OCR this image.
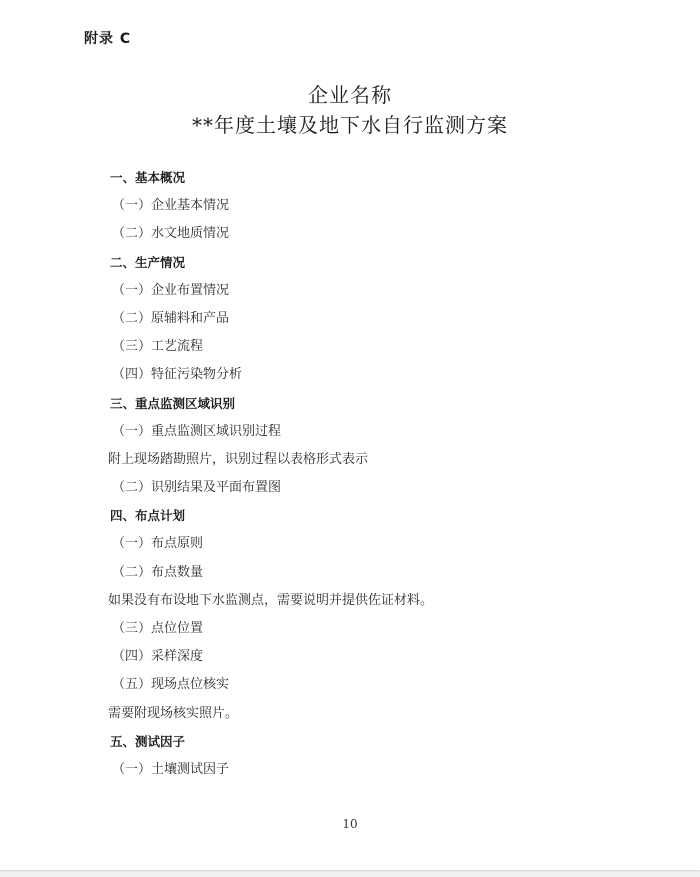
附录 C
企业名称
**年度土壤及地下水自行监测方案
一、基本概况
（一）企业基本情况
（二）水文地质情况
二、生产情况
（一）企业布置情况
（二）原辅料和产品
（三）工艺流程
（四）特征污染物分析
三、重点监测区域识别
（一）重点监测区域识别过程
附上现场踏勘照片，识别过程以表格形式表示
（二）识别结果及平面布置图
四、布点计划
（一）布点原则
（二）布点数量
如果没有布设地下水监测点，需要说明并提供佐证材料。
（三）点位位置
（四）采样深度
（五）现场点位核实
需要附现场核实照片。
五、测试因子
（一）土壤测试因子
10
